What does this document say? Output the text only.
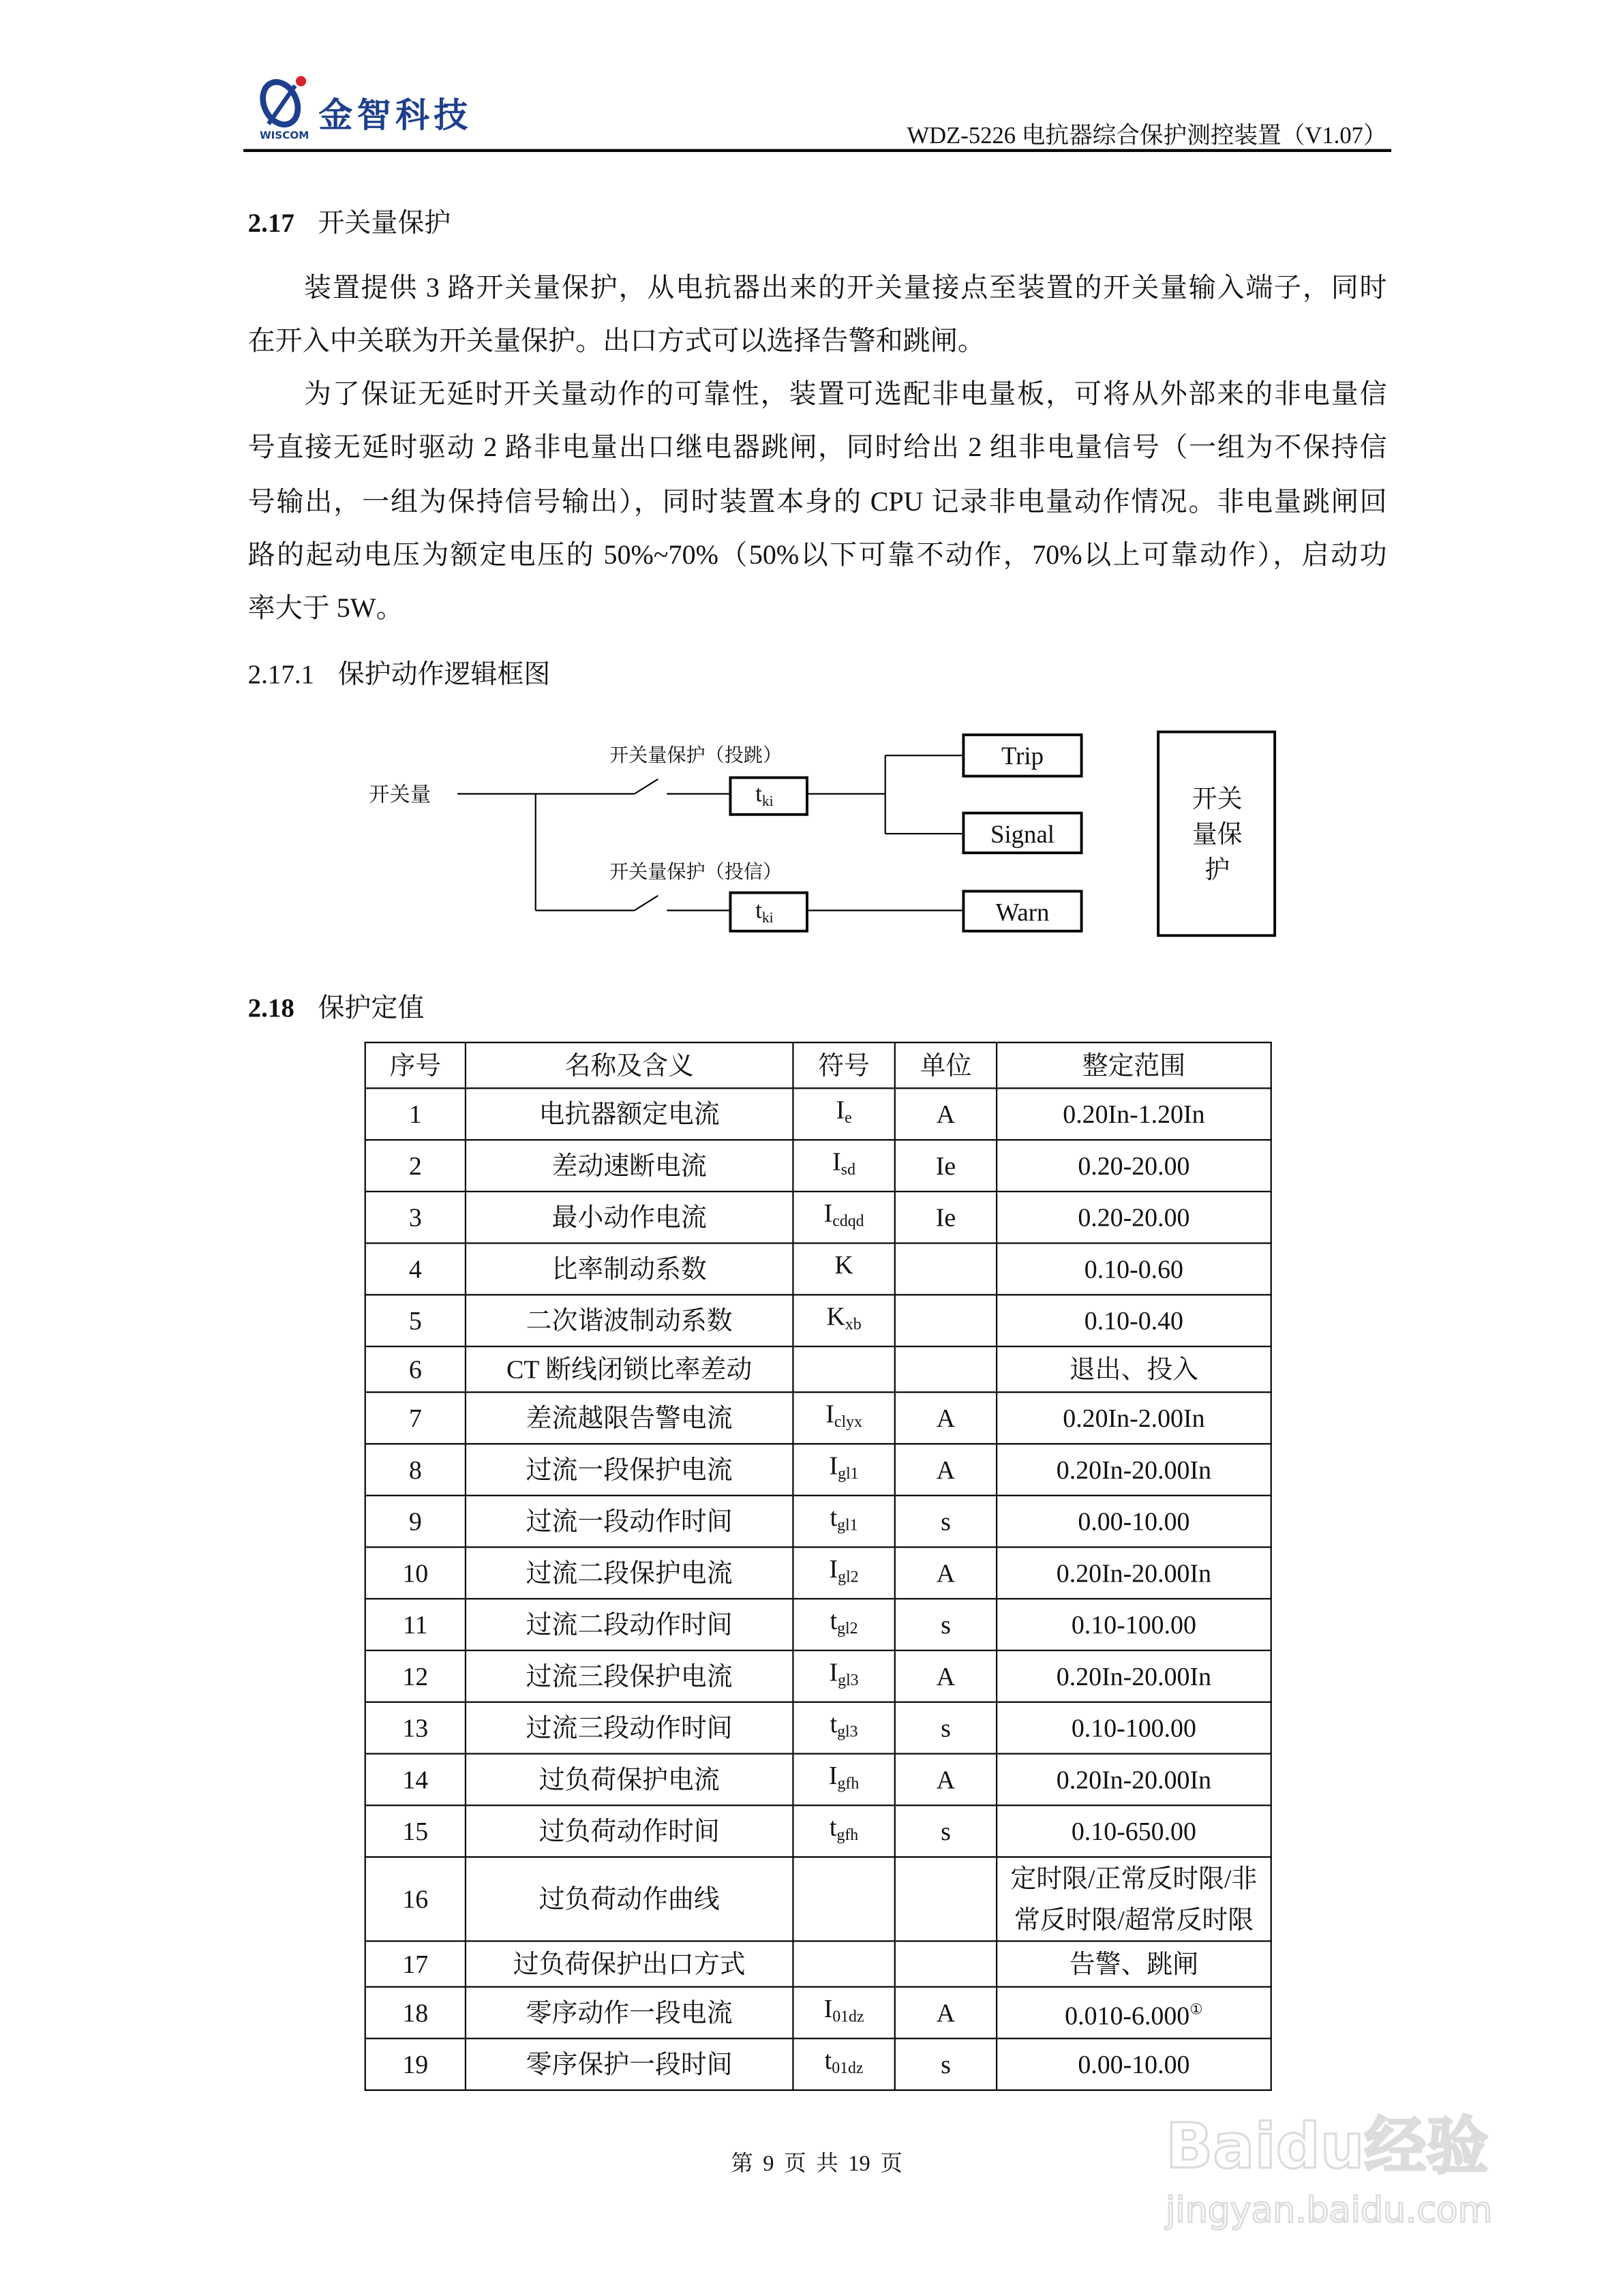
金智科技
WISCOM	WDZ-5226 电抗器综合保护测控装置（V1.07）
2.17 开关量保护
装置提供 3 路开关量保护，从电抗器出来的开关量接点至装置的开关量输入端子，同时
在开入中关联为开关量保护。出口方式可以选择告警和跳闸。
为了保证无延时开关量动作的可靠性，装置可选配非电量板，可将从外部来的非电量信
号直接无延时驱动 2 路非电量出口继电器跳闸，同时给出 2 组非电量信号（一组为不保持信
号输出，一组为保持信号输出），同时装置本身的 CPU 记录非电量动作情况。非电量跳闸回
路的起动电压为额定电压的 50%~70%（50%以下可靠不动作，70%以上可靠动作），启动功
率大于 5W。
2.17.1 保护动作逻辑框图
开关量
开关量保护（投跳）
开关量保护（投信）
tki
tki
Trip
Signal
Warn
开关
量保
护
2.18 保护定值
序号	名称及含义	符号	单位	整定范围
1	电抗器额定电流	$I_e$	A	0.20In-1.20In
2	差动速断电流	$I_{sd}$	Ie	0.20-20.00
3	最小动作电流	$I_{cdqd}$	Ie	0.20-20.00
4	比率制动系数	K		0.10-0.60
5	二次谐波制动系数	$K_{xb}$		0.10-0.40
6	CT 断线闭锁比率差动			退出、投入
7	差流越限告警电流	$I_{clyx}$	A	0.20In-2.00In
8	过流一段保护电流	$I_{gl1}$	A	0.20In-20.00In
9	过流一段动作时间	$t_{gl1}$	s	0.00-10.00
10	过流二段保护电流	$I_{gl2}$	A	0.20In-20.00In
11	过流二段动作时间	$t_{gl2}$	s	0.10-100.00
12	过流三段保护电流	$I_{gl3}$	A	0.20In-20.00In
13	过流三段动作时间	$t_{gl3}$	s	0.10-100.00
14	过负荷保护电流	$I_{gfh}$	A	0.20In-20.00In
15	过负荷动作时间	$t_{gfh}$	s	0.10-650.00
16	过负荷动作曲线			定时限/正常反时限/非常反时限/超常反时限
17	过负荷保护出口方式			告警、跳闸
18	零序动作一段电流	$I_{01dz}$	A	0.010-6.000①
19	零序保护一段时间	$t_{01dz}$	s	0.00-10.00
第 9 页 共 19 页	Baidu经验
jingyan.baidu.com
